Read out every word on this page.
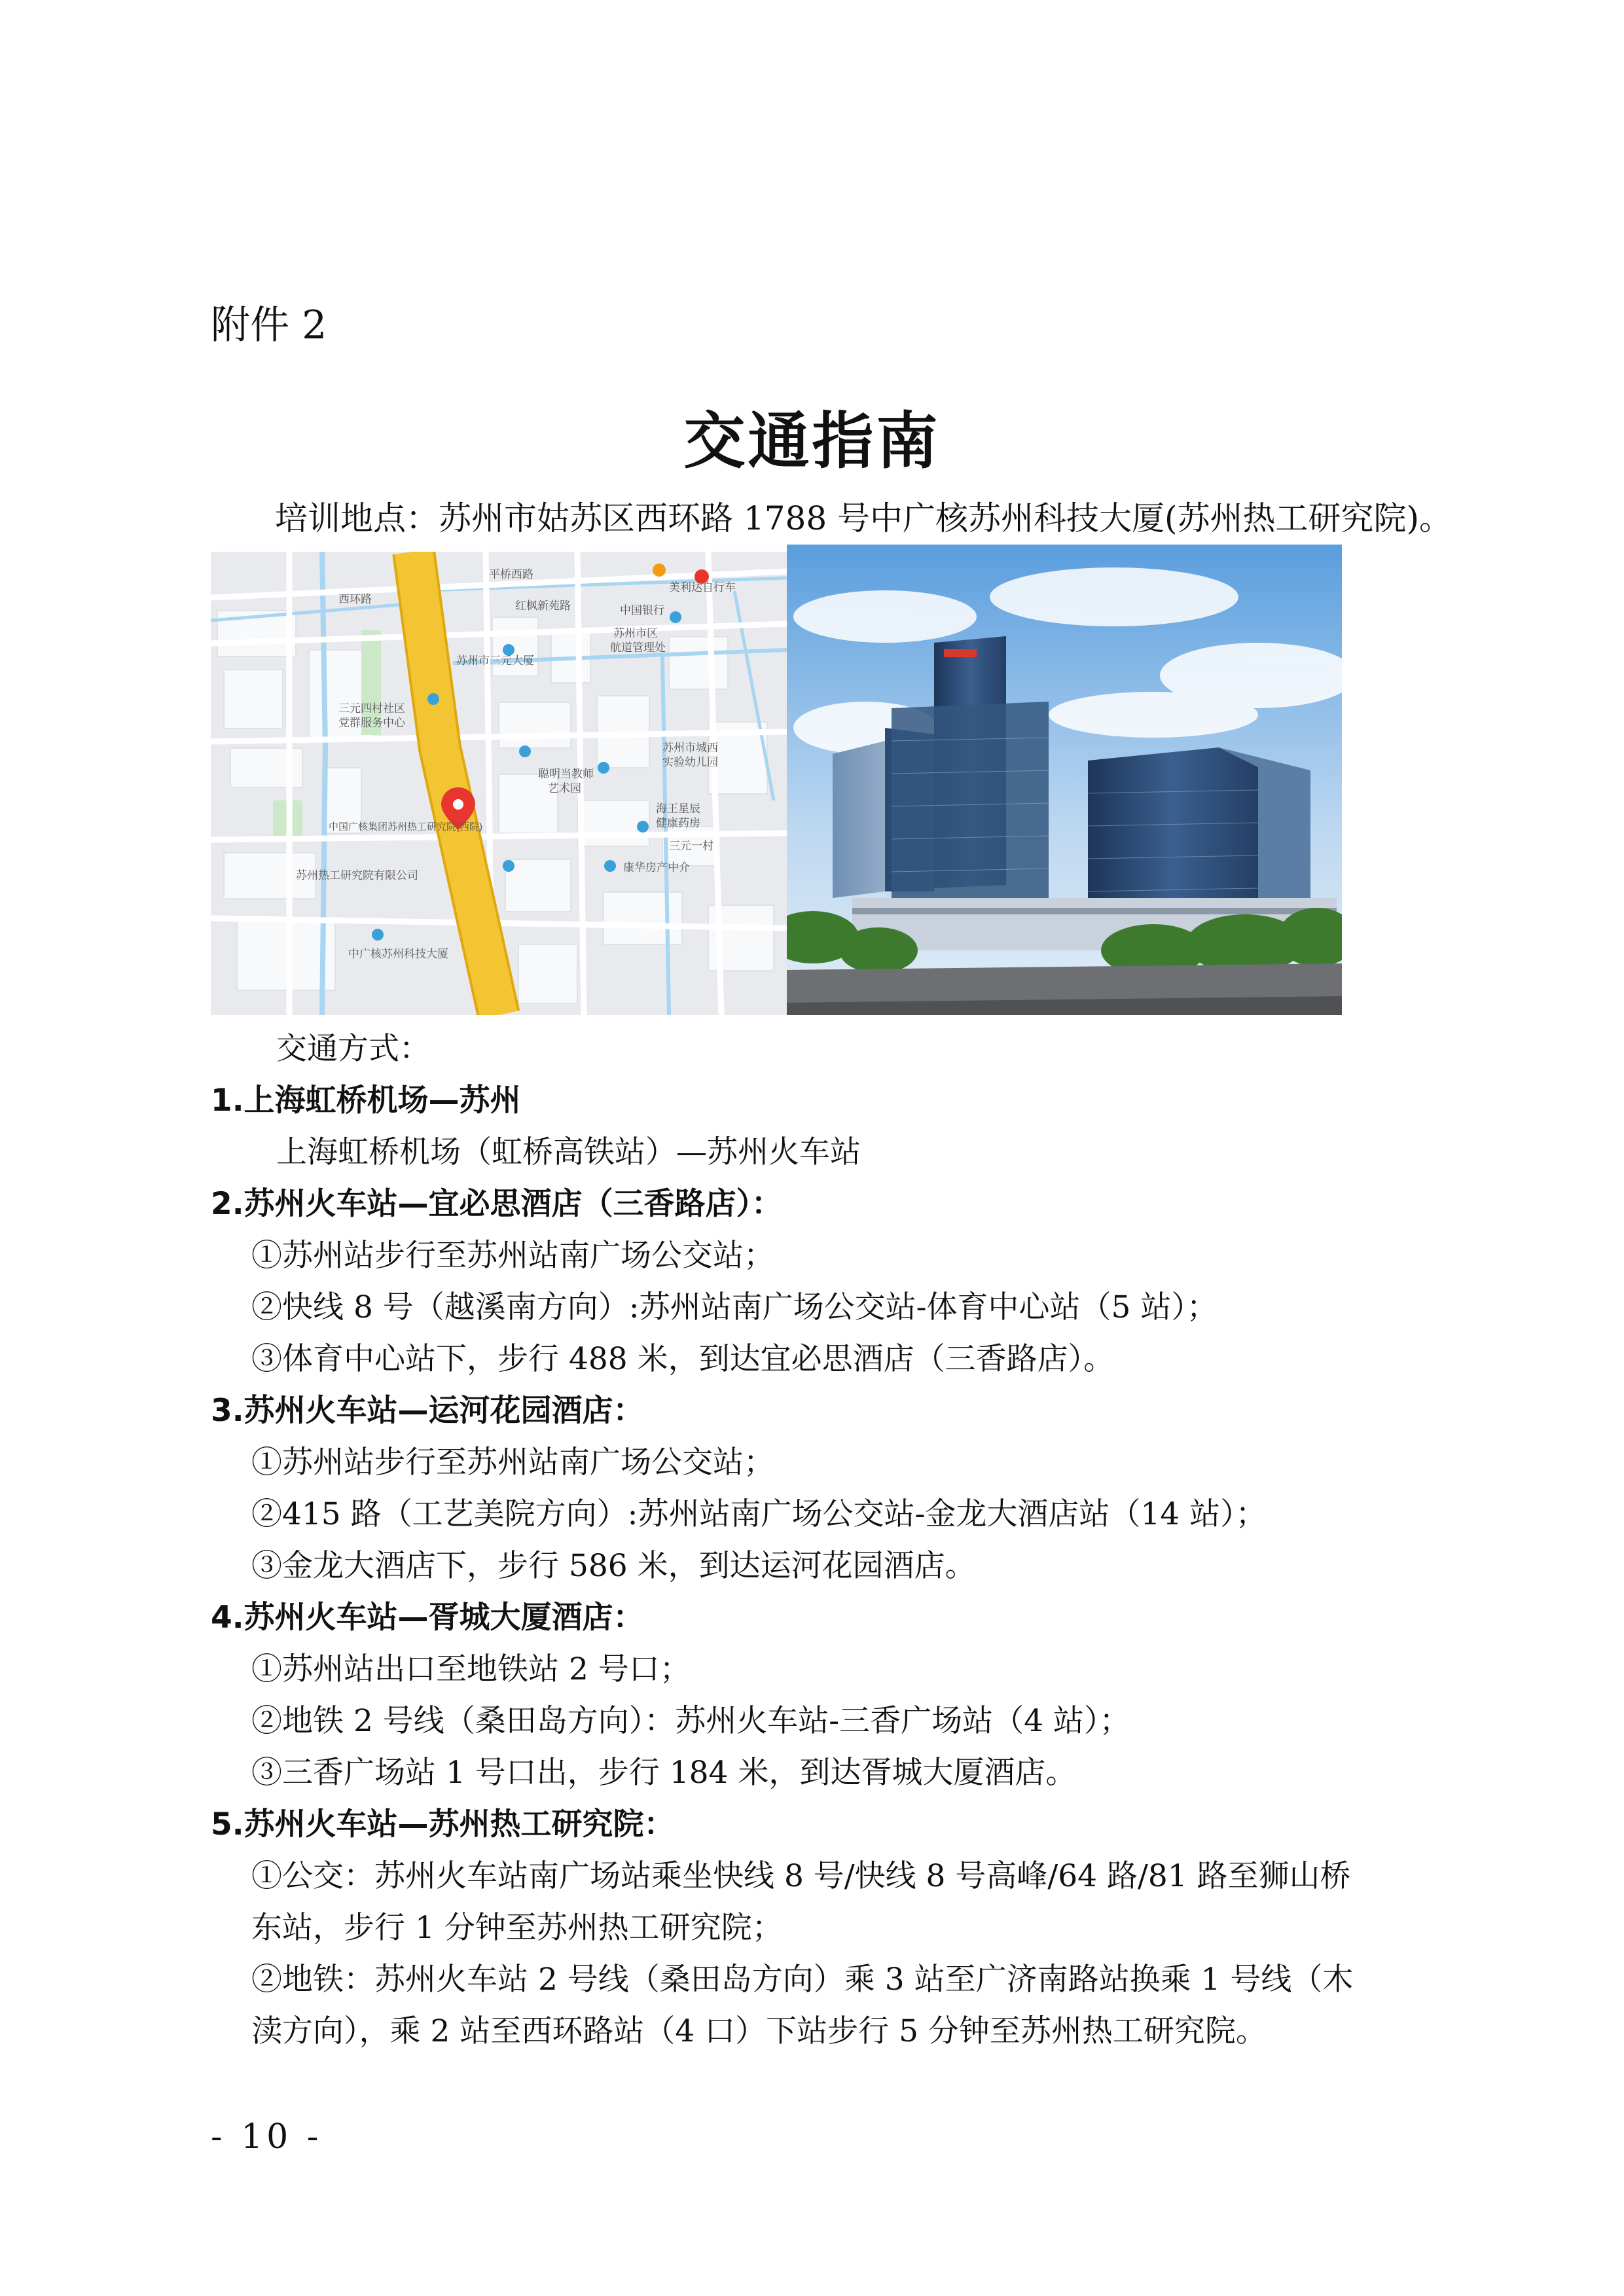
附件 2
交通指南
培训地点：苏州市姑苏区西环路 1788 号中广核苏州科技大厦(苏州热工研究院)。
平桥西路
红枫新苑路	中国银行
美利达自行车
苏州市区
航道管理处
苏州市三元大厦
西环路
三元四村社区
党群服务中心
苏州市城西
实验幼儿园
聪明当教师
艺术园
海王星辰
健康药房
三元一村
中国广核集团苏州热工研究院(西院)
苏州热工研究院有限公司
康华房产中介
中广核苏州科技大厦
交通方式：
1.上海虹桥机场—苏州
上海虹桥机场（虹桥高铁站）—苏州火车站
2.苏州火车站—宜必思酒店（三香路店）：
①苏州站步行至苏州站南广场公交站；
②快线 8 号（越溪南方向）:苏州站南广场公交站-体育中心站（5 站）；
③体育中心站下，步行 488 米，到达宜必思酒店（三香路店）。
3.苏州火车站—运河花园酒店：
①苏州站步行至苏州站南广场公交站；
②415 路（工艺美院方向）:苏州站南广场公交站-金龙大酒店站（14 站）；
③金龙大酒店下，步行 586 米，到达运河花园酒店。
4.苏州火车站—胥城大厦酒店：
①苏州站出口至地铁站 2 号口；
②地铁 2 号线（桑田岛方向）：苏州火车站-三香广场站（4 站）；
③三香广场站 1 号口出，步行 184 米，到达胥城大厦酒店。
5.苏州火车站—苏州热工研究院：
①公交：苏州火车站南广场站乘坐快线 8 号/快线 8 号高峰/64 路/81 路至狮山桥
东站，步行 1 分钟至苏州热工研究院；
②地铁：苏州火车站 2 号线（桑田岛方向）乘 3 站至广济南路站换乘 1 号线（木
渎方向），乘 2 站至西环路站（4 口）下站步行 5 分钟至苏州热工研究院。
- 10 -
